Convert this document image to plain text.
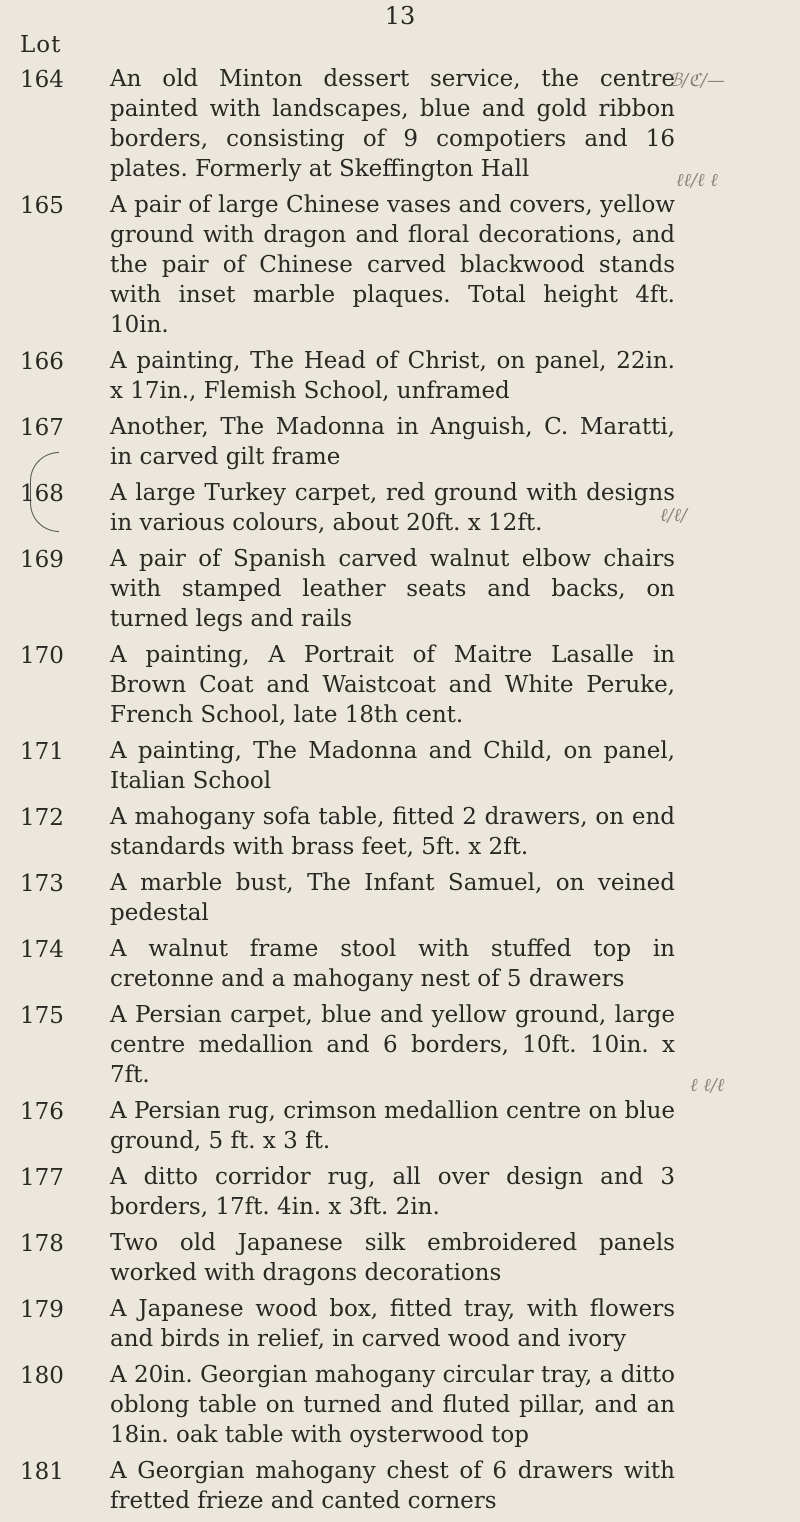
13
Lot
164	An old Minton dessert service, the centre painted with landscapes, blue and gold ribbon borders, consisting of 9 compotiers and 16 plates. Formerly at Skeffington Hall
165	A pair of large Chinese vases and covers, yellow ground with dragon and floral decorations, and the pair of Chinese carved blackwood stands with inset marble plaques. Total height 4ft. 10in.
166	A painting, The Head of Christ, on panel, 22in. x 17in., Flemish School, unframed
167	Another, The Madonna in Anguish, C. Maratti, in carved gilt frame
168	A large Turkey carpet, red ground with designs in various colours, about 20ft. x 12ft.
169	A pair of Spanish carved walnut elbow chairs with stamped leather seats and backs, on turned legs and rails
170	A painting, A Portrait of Maitre Lasalle in Brown Coat and Waistcoat and White Peruke, French School, late 18th cent.
171	A painting, The Madonna and Child, on panel, Italian School
172	A mahogany sofa table, fitted 2 drawers, on end standards with brass feet, 5ft. x 2ft.
173	A marble bust, The Infant Samuel, on veined pedestal
174	A walnut frame stool with stuffed top in cretonne and a mahogany nest of 5 drawers
175	A Persian carpet, blue and yellow ground, large centre medallion and 6 borders, 10ft. 10in. x 7ft.
176	A Persian rug, crimson medallion centre on blue ground, 5 ft. x 3 ft.
177	A ditto corridor rug, all over design and 3 borders, 17ft. 4in. x 3ft. 2in.
178	Two old Japanese silk embroidered panels worked with dragons decorations
179	A Japanese wood box, fitted tray, with flowers and birds in relief, in carved wood and ivory
180	A 20in. Georgian mahogany circular tray, a ditto oblong table on turned and fluted pillar, and an 18in. oak table with oysterwood top
181	A Georgian mahogany chest of 6 drawers with fretted frieze and canted corners
ℬ/ℭ/—
ℓℓ/ℓ ℓ
ℓ/ℓ/
ℓ ℓ/ℓ
